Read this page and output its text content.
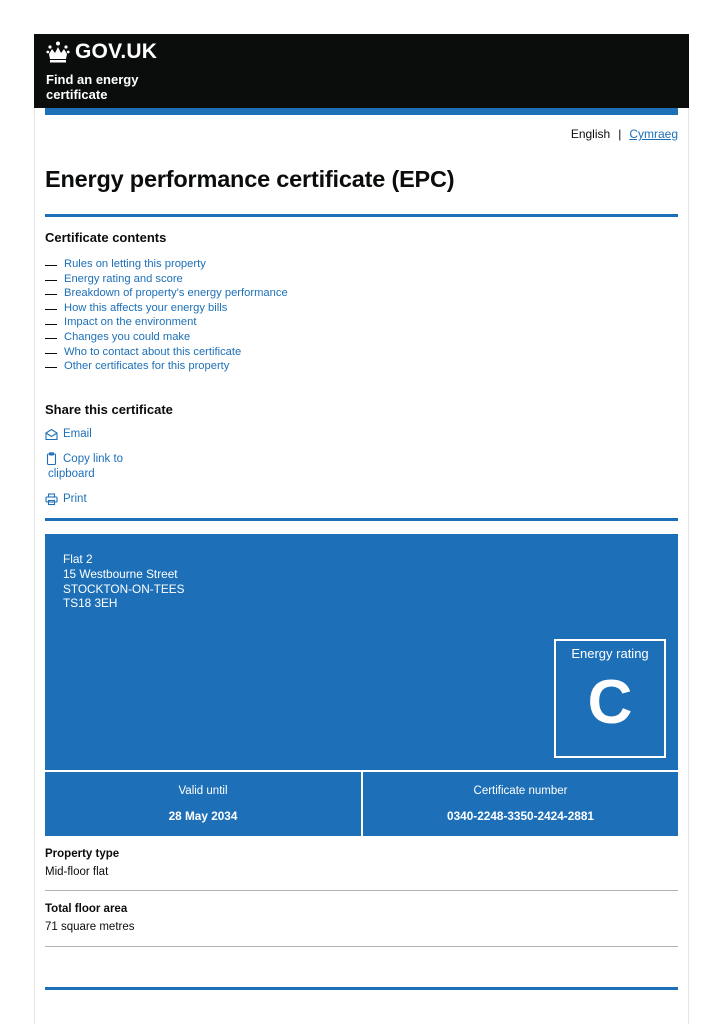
GOV.UK
Find an energy certificate
English | Cymraeg
Energy performance certificate (EPC)
Certificate contents
Rules on letting this property
Energy rating and score
Breakdown of property’s energy performance
How this affects your energy bills
Impact on the environment
Changes you could make
Who to contact about this certificate
Other certificates for this property
Share this certificate
Email
Copy link to clipboard
Print
Flat 2
15 Westbourne Street
STOCKTON-ON-TEES
TS18 3EH
Energy rating
C
Valid until
28 May 2034
Certificate number
0340-2248-3350-2424-2881
Property type
Mid-floor flat
Total floor area
71 square metres
